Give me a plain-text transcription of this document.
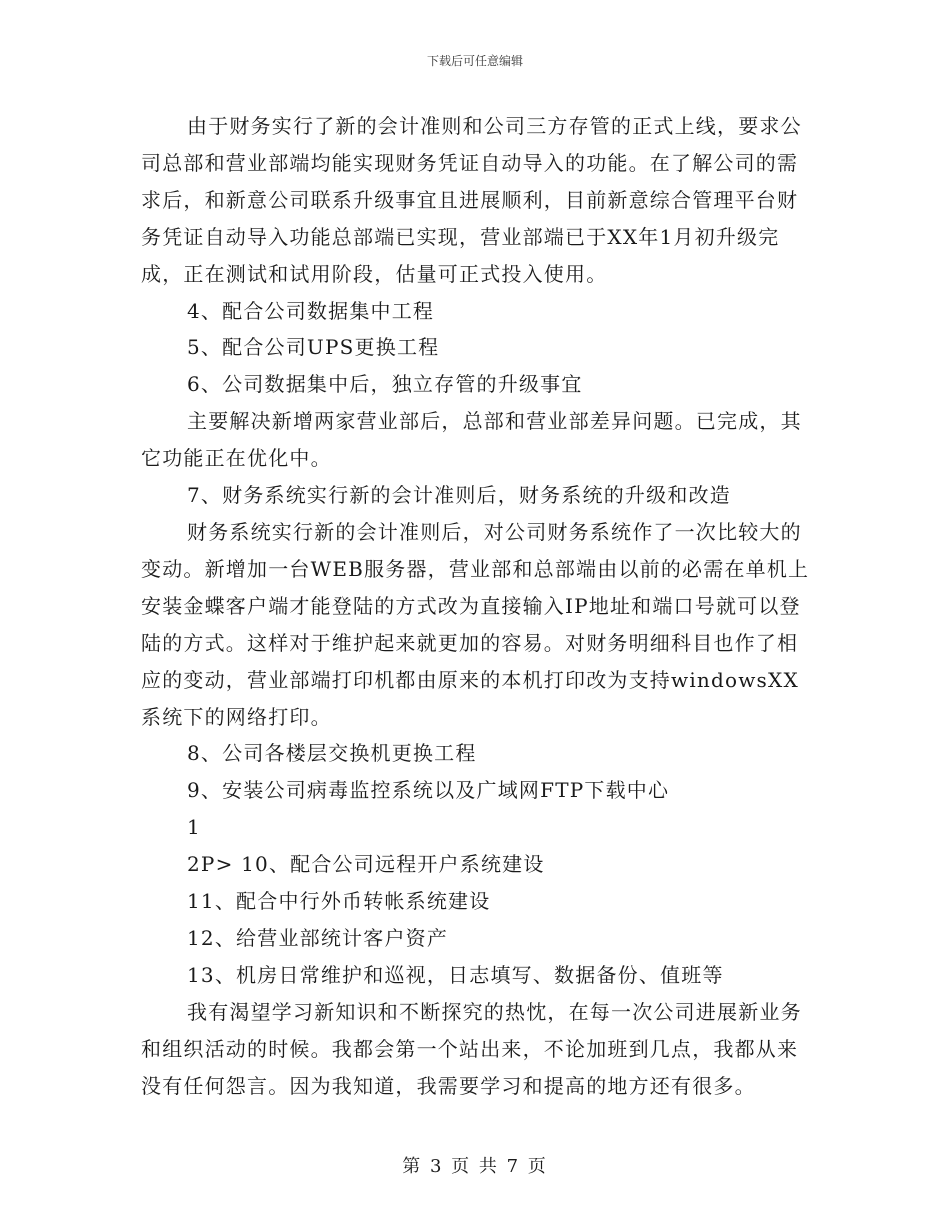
下载后可任意编辑

由于财务实行了新的会计准则和公司三方存管的正式上线，要求公司总部和营业部端均能实现财务凭证自动导入的功能。在了解公司的需求后，和新意公司联系升级事宜且进展顺利，目前新意综合管理平台财务凭证自动导入功能总部端已实现，营业部端已于XX年1月初升级完成，正在测试和试用阶段，估量可正式投入使用。

4、配合公司数据集中工程

5、配合公司UPS更换工程

6、公司数据集中后，独立存管的升级事宜

主要解决新增两家营业部后，总部和营业部差异问题。已完成，其它功能正在优化中。

7、财务系统实行新的会计准则后，财务系统的升级和改造

财务系统实行新的会计准则后，对公司财务系统作了一次比较大的变动。新增加一台WEB服务器，营业部和总部端由以前的必需在单机上安装金蝶客户端才能登陆的方式改为直接输入IP地址和端口号就可以登陆的方式。这样对于维护起来就更加的容易。对财务明细科目也作了相应的变动，营业部端打印机都由原来的本机打印改为支持windowsXX系统下的网络打印。

8、公司各楼层交换机更换工程

9、安装公司病毒监控系统以及广域网FTP下载中心

1

2P> 10、配合公司远程开户系统建设

11、配合中行外币转帐系统建设

12、给营业部统计客户资产

13、机房日常维护和巡视，日志填写、数据备份、值班等

我有渴望学习新知识和不断探究的热忱，在每一次公司进展新业务和组织活动的时候。我都会第一个站出来，不论加班到几点，我都从来没有任何怨言。因为我知道，我需要学习和提高的地方还有很多。

第 3 页 共 7 页
